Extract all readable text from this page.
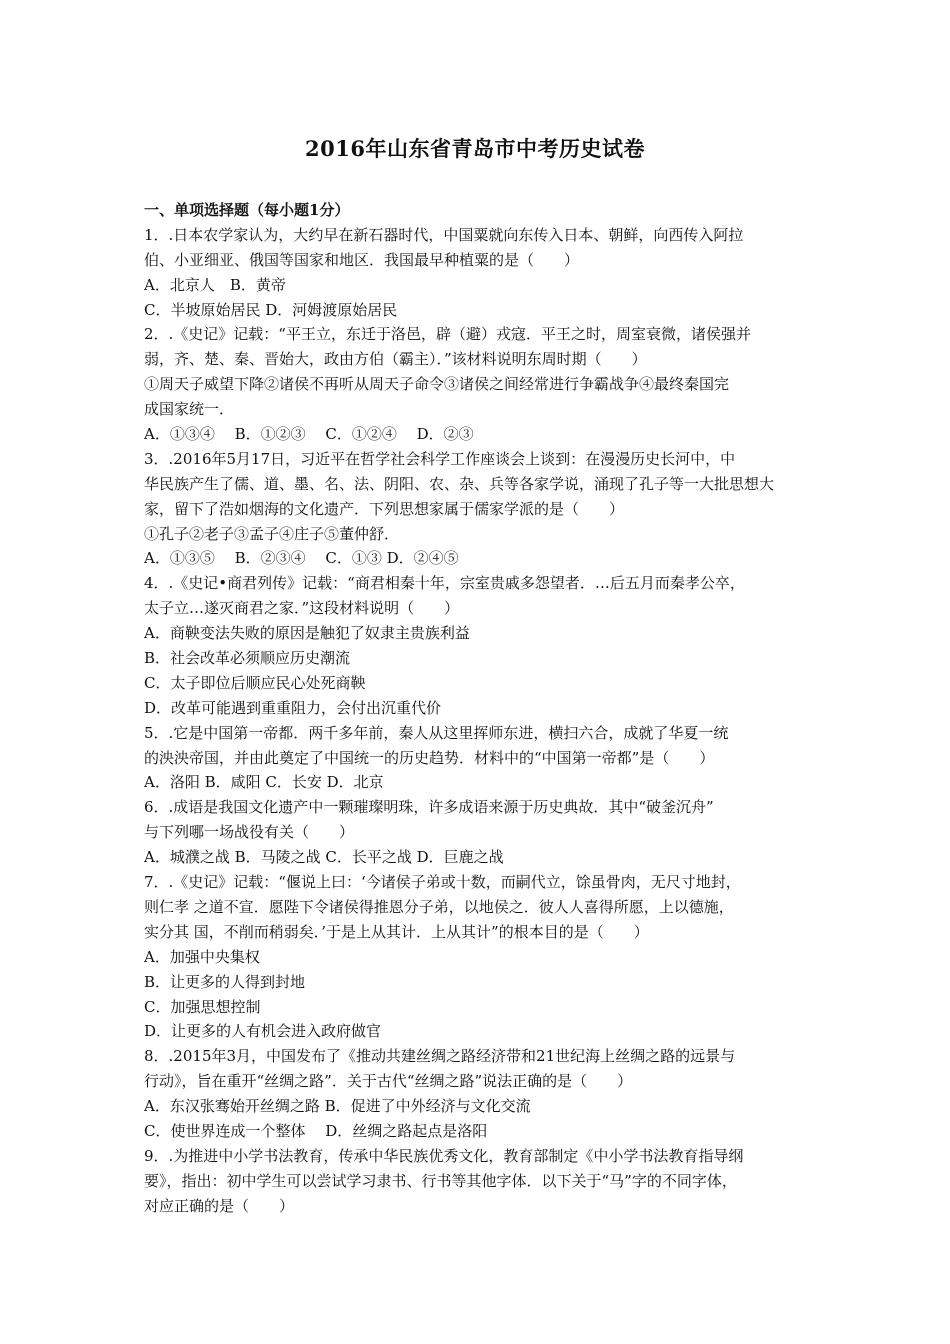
2016年山东省青岛市中考历史试卷
一、单项选择题（每小题1分）
1．.日本农学家认为，大约早在新石器时代，中国粟就向东传入日本、朝鲜，向西传入阿拉
伯、小亚细亚、俄国等国家和地区．我国最早种植粟的是（　　）
A．北京人　B．黄帝
C．半坡原始居民 D．河姆渡原始居民
2．.《史记》记载：“平王立，东迁于洛邑，辟（避）戎寇．平王之时，周室衰微，诸侯强并
弱，齐、楚、秦、晋始大，政由方伯（霸主）．”该材料说明东周时期（　　）
①周天子威望下降②诸侯不再听从周天子命令③诸侯之间经常进行争霸战争④最终秦国完
成国家统一．
A．①③④　 B．①②③　 C．①②④　 D．②③
3．.2016年5月17日，习近平在哲学社会科学工作座谈会上谈到：在漫漫历史长河中，中
华民族产生了儒、道、墨、名、法、阴阳、农、杂、兵等各家学说，涌现了孔子等一大批思想大
家，留下了浩如烟海的文化遗产．下列思想家属于儒家学派的是（　　）
①孔子②老子③孟子④庄子⑤董仲舒．
A．①③⑤　 B．②③④　 C．①③ D．②④⑤
4．.《史记•商君列传》记载：“商君相秦十年，宗室贵戚多怨望者．…后五月而秦孝公卒，
太子立…遂灭商君之家．”这段材料说明（　　）
A．商鞅变法失败的原因是触犯了奴隶主贵族利益
B．社会改革必须顺应历史潮流
C．太子即位后顺应民心处死商鞅
D．改革可能遇到重重阻力，会付出沉重代价
5．.它是中国第一帝都．两千多年前，秦人从这里挥师东进，横扫六合，成就了华夏一统
的泱泱帝国，并由此奠定了中国统一的历史趋势．材料中的“中国第一帝都”是（　　）
A．洛阳 B．咸阳 C．长安 D．北京
6．.成语是我国文化遗产中一颗璀璨明珠，许多成语来源于历史典故．其中“破釜沉舟”
与下列哪一场战役有关（　　）
A．城濮之战 B．马陵之战 C．长平之战 D．巨鹿之战
7．.《史记》记载：“偃说上曰：‘今诸侯子弟或十数，而嗣代立，馀虽骨肉，无尺寸地封，
则仁孝 之道不宣．愿陛下令诸侯得推恩分子弟，以地侯之．彼人人喜得所愿，上以德施，
实分其 国，不削而稍弱矣．’于是上从其计．上从其计”的根本目的是（　　）
A．加强中央集权
B．让更多的人得到封地
C．加强思想控制
D．让更多的人有机会进入政府做官
8．.2015年3月，中国发布了《推动共建丝绸之路经济带和21世纪海上丝绸之路的远景与
行动》，旨在重开“丝绸之路”．关于古代“丝绸之路”说法正确的是（　　）
A．东汉张骞始开丝绸之路 B．促进了中外经济与文化交流
C．使世界连成一个整体　 D．丝绸之路起点是洛阳
9．.为推进中小学书法教育，传承中华民族优秀文化，教育部制定《中小学书法教育指导纲
要》，指出：初中学生可以尝试学习隶书、行书等其他字体．以下关于“马”字的不同字体，
对应正确的是（　　）
